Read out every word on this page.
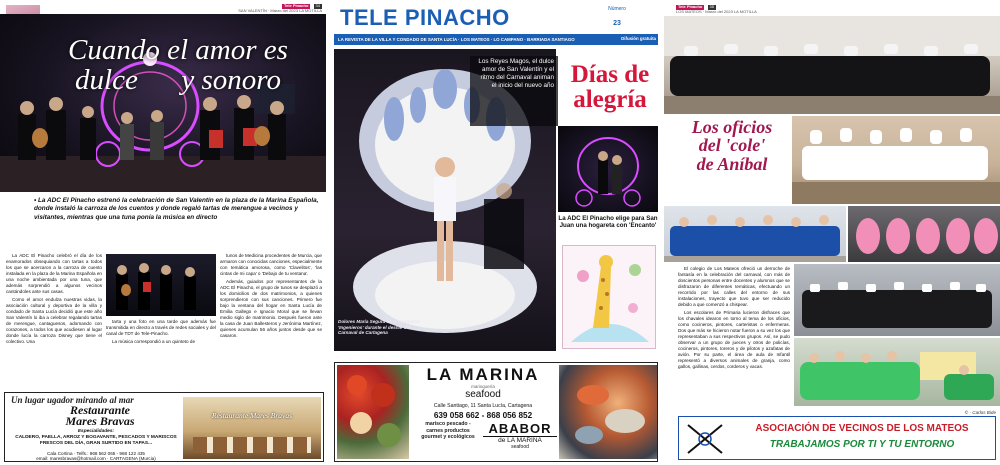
Tele Pinacho 34
SAN VALENTÍN · Marzo del 2023 LA MOTILLA
Cuando el amor es
dulce      y sonoro
• La ADC El Pinacho estrenó la celebración de San Valentín en la plaza de la Marina Española, donde instaló la carroza de los cuentos y donde regaló tartas de merengue a vecinos y visitantes, mientras que una tuna ponía la música en directo

La ADC El Pinacho celebró el día de los enamorados obsequiando con tartas a todos los que se acercaron a la carroza de cuento instalada en la plaza de la Marina Española en una noche ambientada por una tuna, que además sorprendió a algunos vecinos cantándoles ante sus casas.

Como el amor endulza nuestras vidas, la asociación cultural y deportiva de la villa y condado de Santa Lucía decidió que este año San Valentín lo iba a celebrar regalando tartas de merengue, cantaguesos, adornando con corazones, a todos los que acudiesen al lugar donde lucía la carroza Disney que tiene el colectivo. Una

tarta y una foto en una tarde que además fue transmitida en directo a través de redes sociales y del canal de TDT de Tele-Pinacho.

La música correspondió a un quinteto de

tunos de Medicina procedentes de Murcia, que armaron con conocidas canciones, especialmente con temática amorosa, como 'Clavelitos', 'las cintas de mi capa' o 'Debajo de tu ventana'.

Además, guiados por representantes de la ADC El Pinacho, el grupo de tunos se desplazó a los domicilios de dos matrimonios, a quienes sorprendieron con sus canciones. Primero fue bajo la ventana del hogar en Santa Lucía de Emilia Gallego e Ignacio Moral que se llevan medio siglo de matrimonio. Después fueron ante la casa de Juan Ballesteros y Jerónima Martínez, quienes acumulan 56 años juntos desde que se casaron.

Un lugar ugador mirando al mar
Restaurante
Mares Bravas
Especialidades:
CALDERO, PAELLA, ARROZ Y BOGAVANTE, PESCADOS Y MARISCOS FRESCOS DEL DÍA, GRAN SURTIDO EN TAPAS...
Cala Cortina · Telfs.: 968 562 065 - 968 122 435
email: maresbravas@hotmail.com · CARTAGENA (Murcia)
Restaurante Mares Bravas
TELE PINACHO	Número
23
LA REVISTA DE LA VILLA Y CONDADO DE SANTA LUCÍA · LOS MATEOS · LO CAMPANO · BARRIADA SANTIAGO	Difusión gratuita
Dolores María Segura de la comparsa 'Ingenieros' durante el desfile del Carnaval de Cartagena
Los Reyes Magos, el dulce amor de San Valentín y el ritmo del Carnaval animan el inicio del nuevo año Días de
alegría
La ADC El Pinacho elige para San Juan una hogareta con 'Encanto'
LA MARINA
marisquería
seafood
Calle Santiago, 11 Santa Lucía, Cartagena
639 058 662 - 868 056 852
marisco pescado - carnes productos gourmet y ecológicos
ABABOR
de LA MARINA
seafood
Tele Pinacho 35
LOS MATEOS · Marzo del 2023 LA MOTILLA
Los oficios
del 'cole'
de Aníbal

El colegio de Los Mateos ofreció un derroche de fantasía en la celebración del carnaval, con más de doscientos personas entre docentes y alumnos que se disfrazaron de diferentes temáticas, efectuando un recorrido por las calles del entorno de sus instalaciones, trayecto que tuvo que ser reducido debido a que comenzó a chispear.

Los escolares de Primaria lucieron disfraces que los chavales idearon en torno al tema de los oficios, como cocineros, pintores, carteristas o enfermeras. Dos que más se hicieron notar fueron a su vez los que representaban a sus respectivos grupos. Así, se pudo observar a un grupo de jueces y otros de policías, cocineros, pintores, toreros y de pilotos y azafatas de avión. Por su parte, el área de aula de Infantil representó a diversos animales de granja, como gallos, gallinas, cerdos, corderos y vacas.

© · Carlos Bide
ASOCIACIÓN DE VECINOS DE LOS MATEOS
TRABAJAMOS POR TI Y TU ENTORNO
